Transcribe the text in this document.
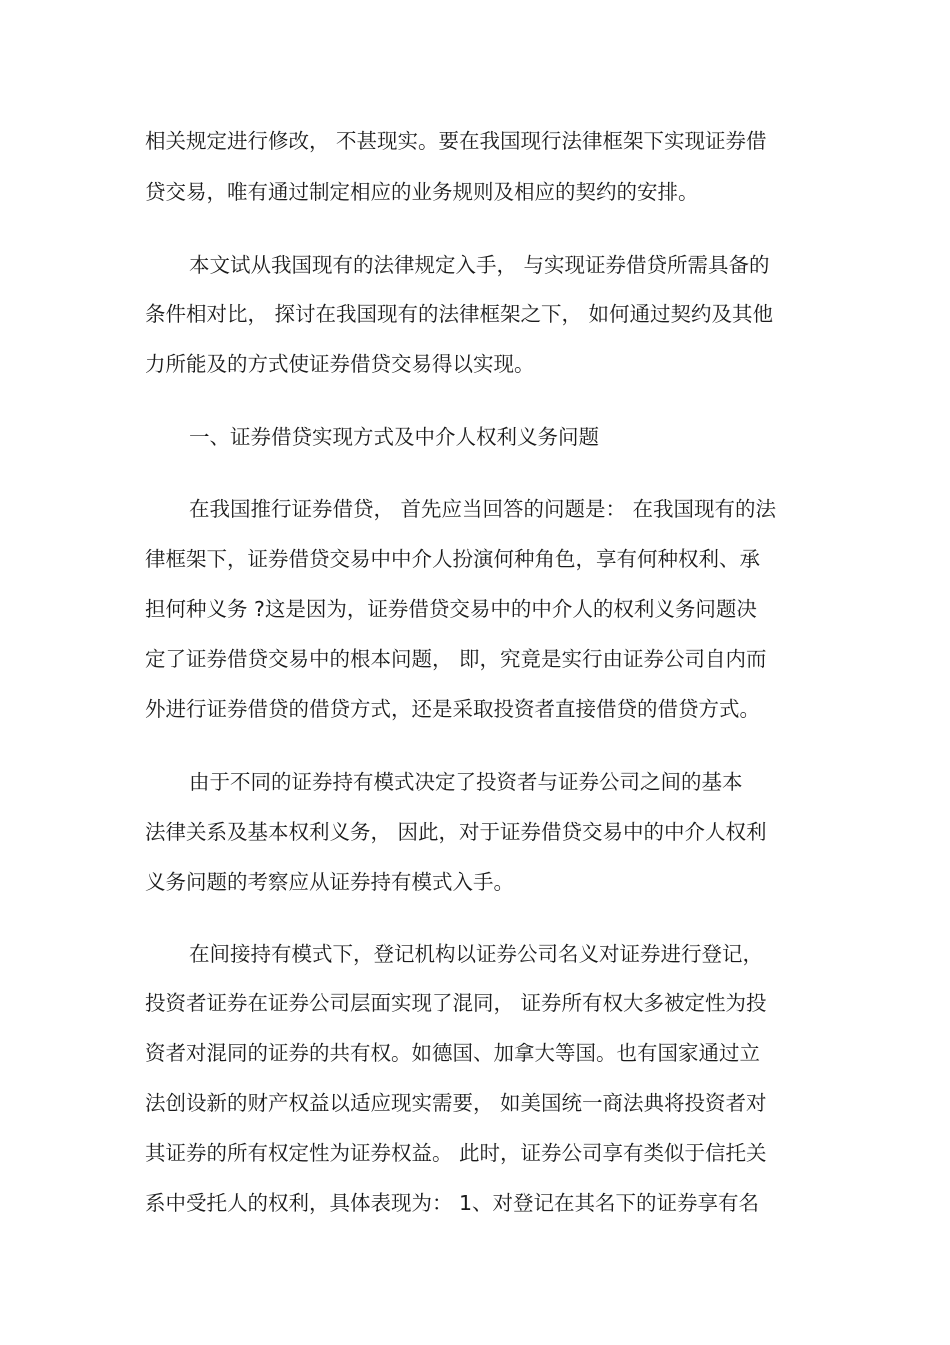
相关规定进行修改， 不甚现实。要在我国现行法律框架下实现证券借
贷交易，唯有通过制定相应的业务规则及相应的契约的安排。
本文试从我国现有的法律规定入手， 与实现证券借贷所需具备的
条件相对比， 探讨在我国现有的法律框架之下， 如何通过契约及其他
力所能及的方式使证券借贷交易得以实现。
一、证券借贷实现方式及中介人权利义务问题
在我国推行证券借贷， 首先应当回答的问题是： 在我国现有的法
律框架下，证券借贷交易中中介人扮演何种角色，享有何种权利、承
担何种义务 ?这是因为，证券借贷交易中的中介人的权利义务问题决
定了证券借贷交易中的根本问题， 即，究竟是实行由证券公司自内而
外进行证券借贷的借贷方式，还是采取投资者直接借贷的借贷方式。
由于不同的证券持有模式决定了投资者与证券公司之间的基本
法律关系及基本权利义务， 因此，对于证券借贷交易中的中介人权利
义务问题的考察应从证券持有模式入手。
在间接持有模式下，登记机构以证券公司名义对证券进行登记，
投资者证券在证券公司层面实现了混同， 证券所有权大多被定性为投
资者对混同的证券的共有权。如德国、加拿大等国。也有国家通过立
法创设新的财产权益以适应现实需要， 如美国统一商法典将投资者对
其证券的所有权定性为证券权益。 此时，证券公司享有类似于信托关
系中受托人的权利，具体表现为： 1、对登记在其名下的证券享有名
